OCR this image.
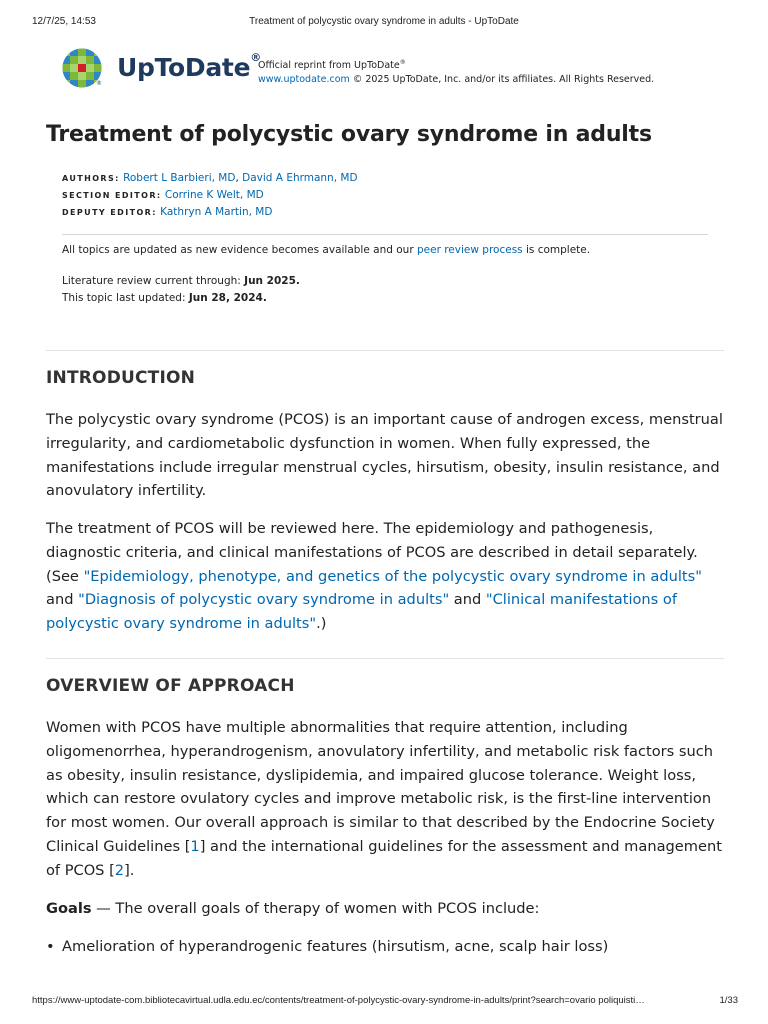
12/7/25, 14:53	Treatment of polycystic ovary syndrome in adults - UpToDate
®
UpToDate®
Official reprint from UpToDate®
www.uptodate.com © 2025 UpToDate, Inc. and/or its affiliates. All Rights Reserved.
Treatment of polycystic ovary syndrome in adults
AUTHORS: Robert L Barbieri, MD, David A Ehrmann, MD
SECTION EDITOR: Corrine K Welt, MD
DEPUTY EDITOR: Kathryn A Martin, MD
All topics are updated as new evidence becomes available and our peer review process is complete.
Literature review current through: Jun 2025.
This topic last updated: Jun 28, 2024.
INTRODUCTION

The polycystic ovary syndrome (PCOS) is an important cause of androgen excess, menstrual irregularity, and cardiometabolic dysfunction in women. When fully expressed, the manifestations include irregular menstrual cycles, hirsutism, obesity, insulin resistance, and anovulatory infertility.

The treatment of PCOS will be reviewed here. The epidemiology and pathogenesis, diagnostic criteria, and clinical manifestations of PCOS are described in detail separately. (See "Epidemiology, phenotype, and genetics of the polycystic ovary syndrome in adults" and "Diagnosis of polycystic ovary syndrome in adults" and "Clinical manifestations of polycystic ovary syndrome in adults".)

OVERVIEW OF APPROACH

Women with PCOS have multiple abnormalities that require attention, including oligomenorrhea, hyperandrogenism, anovulatory infertility, and metabolic risk factors such as obesity, insulin resistance, dyslipidemia, and impaired glucose tolerance. Weight loss, which can restore ovulatory cycles and improve metabolic risk, is the first-line intervention for most women. Our overall approach is similar to that described by the Endocrine Society Clinical Guidelines [1] and the international guidelines for the assessment and management of PCOS [2].

Goals — The overall goals of therapy of women with PCOS include:

• Amelioration of hyperandrogenic features (hirsutism, acne, scalp hair loss)
https://www-uptodate-com.bibliotecavirtual.udla.edu.ec/contents/treatment-of-polycystic-ovary-syndrome-in-adults/print?search=ovario poliquisti…	1/33
